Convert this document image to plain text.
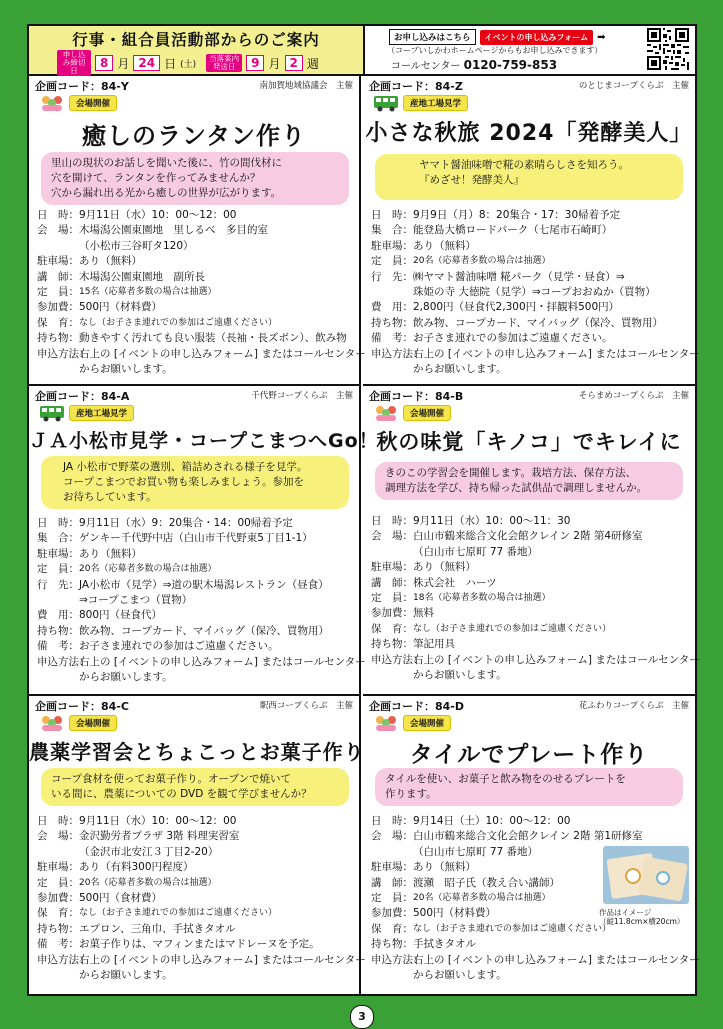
行事・組合員活動部からのご案内
申し込み締切日
8 月 24 日 (土)
当落案内発送日	9 月 2 週
お申し込みはこちら	イベントの申し込みフォーム ➡
（コープいしかわホームページからもお申し込みできます）
コールセンター 0120-759-853
企画コード：84-Y	南加賀地域協議会　主催
会場開催
癒しのランタン作り
里山の現状のお話しを聞いた後に、竹の間伐材に
穴を開けて、ランタンを作ってみませんか？
穴から漏れ出る光から癒しの世界が広がります。
日　時： 9月11日（水）10：00～12：00
会　場： 木場潟公園東園地　里しるべ　多目的室
（小松市三谷町タ120）
駐車場： あり（無料）
講　師： 木場潟公園東園地　副所長
定　員： 15名（応募者多数の場合は抽選）
参加費： 500円（材料費）
保　育： なし（お子さま連れでの参加はご遠慮ください）
持ち物： 動きやすく汚れても良い服装（長袖・長ズボン）、飲み物
申込方法：
右上の [イベントの申し込みフォーム] またはコールセンター
からお願いします。
企画コード：84-Z	のとじまコープくらぶ　主催
産地工場見学
小さな秋旅 2024「発酵美人」
ヤマト醤油味噌で糀の素晴らしさを知ろう。
『めざせ！発酵美人』
日　時： 9月9日（月）8：20集合・17：30帰着予定
集　合： 能登島大橋ロードパーク（七尾市石崎町）
駐車場： あり（無料）
定　員： 20名（応募者多数の場合は抽選）
行　先： ㈱ヤマト醤油味噌 糀パーク（見学・昼食）⇒
珠姫の寺 大徳院（見学）⇒コープおおぬか（買物）
費　用： 2,800円（昼食代2,300円・拝観料500円）
持ち物： 飲み物、コープカード、マイバッグ（保冷、買物用）
備　考： お子さま連れでの参加はご遠慮ください。
申込方法：
右上の [イベントの申し込みフォーム] またはコールセンター
からお願いします。
企画コード：84-A	千代野コープくらぶ　主催
産地工場見学
ＪＡ小松市見学・コープこまつへGo！
JA 小松市で野菜の選別、箱詰めされる様子を見学。
コープこまつでお買い物も楽しみましょう。参加を
お待ちしています。
日　時： 9月11日（水）9：20集合・14：00帰着予定
集　合： ゲンキー千代野中店（白山市千代野東5丁目1-1）
駐車場： あり（無料）
定　員： 20名（応募者多数の場合は抽選）
行　先： JA小松市（見学）⇒道の駅木場潟レストラン（昼食）
⇒コープこまつ（買物）
費　用： 800円（昼食代）
持ち物： 飲み物、コープカード、マイバッグ（保冷、買物用）
備　考： お子さま連れでの参加はご遠慮ください。
申込方法：
右上の [イベントの申し込みフォーム] またはコールセンター
からお願いします。
企画コード：84-B	そらまめコープくらぶ　主催
会場開催
秋の味覚「キノコ」でキレイに
きのこの学習会を開催します。栽培方法、保存方法、
調理方法を学び、持ち帰った試供品で調理しませんか。
日　時： 9月11日（水）10：00～11：30
会　場： 白山市鶴来総合文化会館クレイン 2階 第4研修室
（白山市七原町 77 番地）
駐車場： あり（無料）
講　師： 株式会社　ハーツ
定　員： 18名（応募者多数の場合は抽選）
参加費： 無料
保　育： なし（お子さま連れでの参加はご遠慮ください）
持ち物： 筆記用具
申込方法：
右上の [イベントの申し込みフォーム] またはコールセンター
からお願いします。
企画コード：84-C	駅西コープくらぶ　主催
会場開催
農薬学習会とちょこっとお菓子作り
コープ食材を使ってお菓子作り。オーブンで焼いて
いる間に、農薬についての DVD を観て学びませんか？
日　時： 9月11日（水）10：00～12：00
会　場： 金沢勤労者プラザ 3階 料理実習室
（金沢市北安江３丁目2-20）
駐車場： あり（有料300円程度）
定　員： 20名（応募者多数の場合は抽選）
参加費： 500円（食材費）
保　育： なし（お子さま連れでの参加はご遠慮ください）
持ち物： エプロン、三角巾、手拭きタオル
備　考： お菓子作りは、マフィンまたはマドレーヌを予定。
申込方法：
右上の [イベントの申し込みフォーム] またはコールセンター
からお願いします。
企画コード：84-D	花ふわりコープくらぶ　主催
会場開催
タイルでプレート作り
タイルを使い、お菓子と飲み物をのせるプレートを
作ります。
日　時： 9月14日（土）10：00～12：00
会　場： 白山市鶴来総合文化会館クレイン 2階 第1研修室
（白山市七原町 77 番地）
駐車場： あり（無料）
講　師： 渡瀬　昭子氏（教え合い講師）
定　員： 20名（応募者多数の場合は抽選）
参加費： 500円（材料費）
保　育： なし（お子さま連れでの参加はご遠慮ください）
持ち物： 手拭きタオル
申込方法：
右上の [イベントの申し込みフォーム] またはコールセンター
からお願いします。
作品はイメージ
（縦11.8cm×横20cm）
3
